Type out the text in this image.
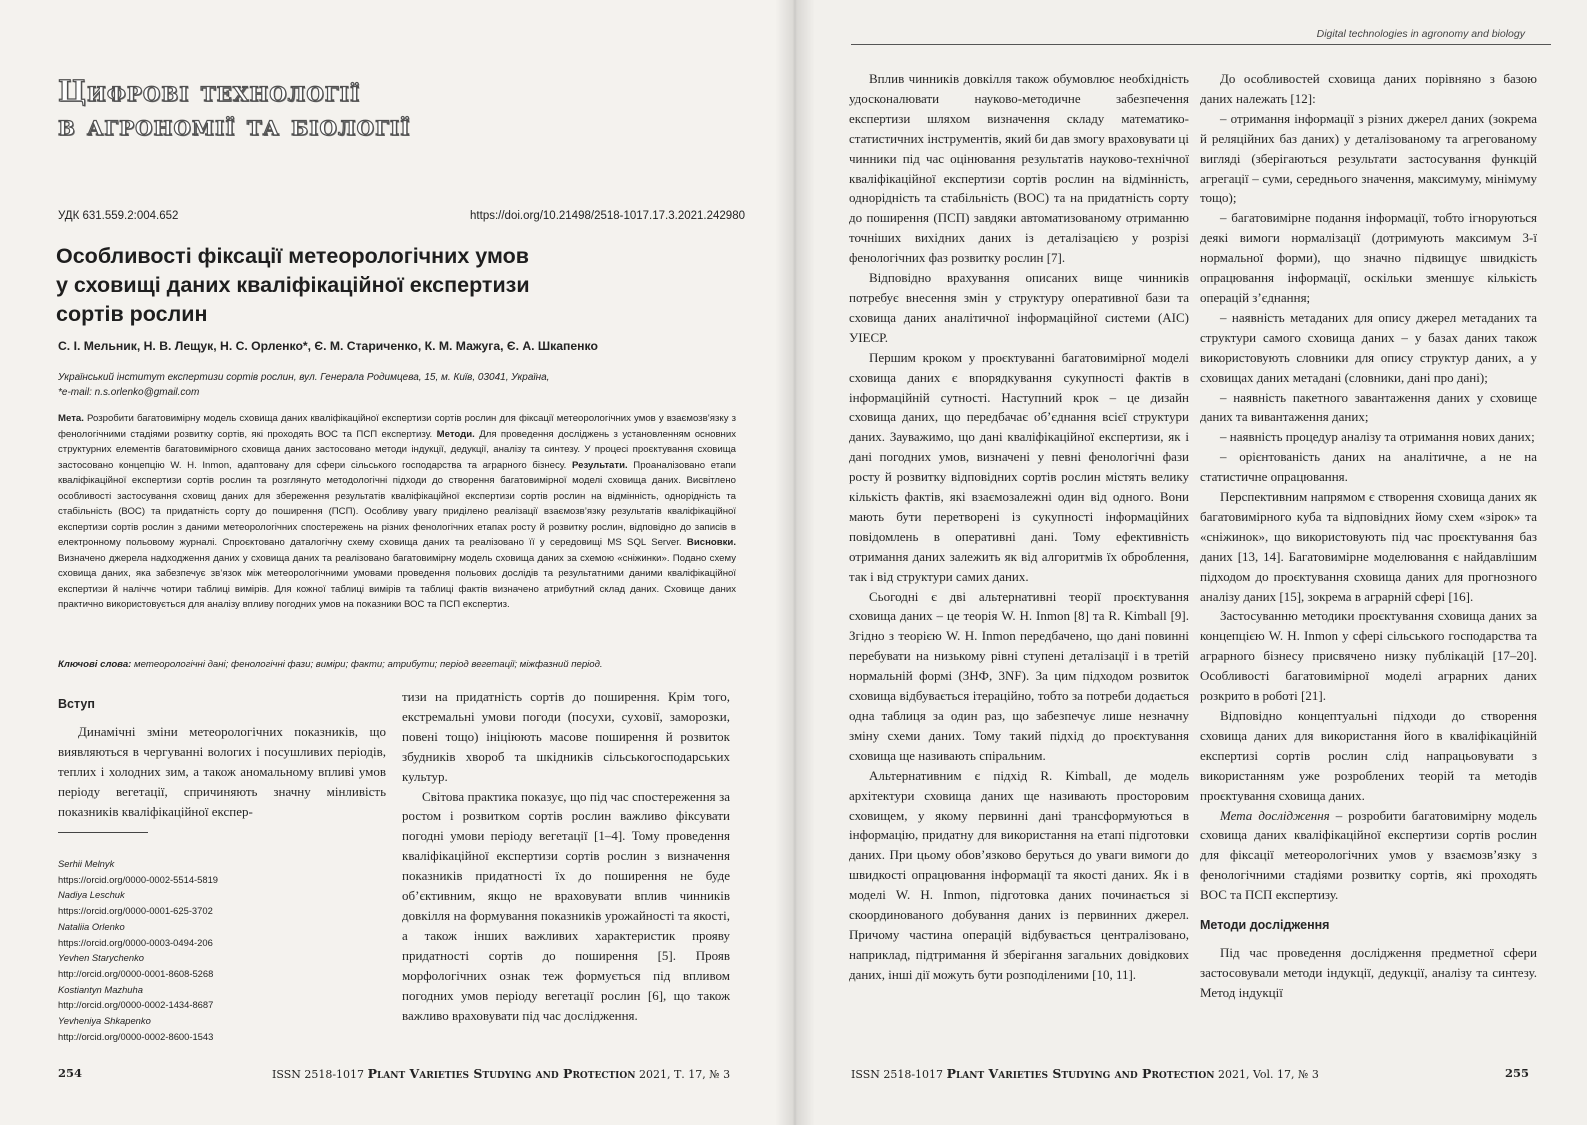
Цифрові технології
в агрономії та біології
УДК 631.559.2:004.652	https://doi.org/10.21498/2518-1017.17.3.2021.242980
Особливості фіксації метеорологічних умов
у сховищі даних кваліфікаційної експертизи
сортів рослин
С. І. Мельник, Н. В. Лещук, Н. С. Орленко*, Є. М. Стариченко, К. М. Мажуга, Є. А. Шкапенко
Український інститут експертизи сортів рослин, вул. Генерала Родимцева, 15, м. Київ, 03041, Україна,
*e-mail: n.s.orlenko@gmail.com
Мета. Розробити багатовимірну модель сховища даних кваліфікаційної експертизи сортів рослин для фіксації метеорологічних умов у взаємозв’язку з фенологічними стадіями розвитку сортів, які проходять ВОС та ПСП експертизу. Методи. Для проведення досліджень з установленням основних структурних елементів багатовимірного сховища даних застосовано методи індукції, дедукції, аналізу та синтезу. У процесі проєктування сховища застосовано концепцію W. H. Inmon, адаптовану для сфери сільського господарства та аграрного бізнесу. Результати. Проаналізовано етапи кваліфікаційної експертизи сортів рослин та розглянуто методологічні підходи до створення багатовимірної моделі сховища даних. Висвітлено особливості застосування сховищ даних для збереження результатів кваліфікаційної експертизи сортів рослин на відмінність, однорідність та стабільність (ВОС) та придатність сорту до поширення (ПСП). Особливу увагу приділено реалізації взаємозв’язку результатів кваліфікаційної експертизи сортів рослин з даними метеорологічних спостережень на різних фенологічних етапах росту й розвитку рослин, відповідно до записів в електронному польовому журналі. Спроєктовано даталогічну схему сховища даних та реалізовано її у середовищі MS SQL Server. Висновки. Визначено джерела надходження даних у сховища даних та реалізовано багатовимірну модель сховища даних за схемою «сніжинки». Подано схему сховища даних, яка забезпечує зв’язок між метеорологічними умовами проведення польових дослідів та результатними даними кваліфікаційної експертизи й наліччє чотири таблиці вимірів. Для кожної таблиці вимірів та таблиці фактів визначено атрибутний склад даних. Сховище даних практично використовується для аналізу впливу погодних умов на показники ВОС та ПСП експертиз.
Ключові слова: метеорологічні дані; фенологічні фази; виміри; факти; атрибути; період вегетації; міжфазний період.
Вступ

Динамічні зміни метеорологічних показників, що виявляються в чергуванні вологих і посушливих періодів, теплих і холодних зим, а також аномальному впливі умов періоду вегетації, спричиняють значну мінливість показників кваліфікаційної експер-

Serhii Melnyk
https://orcid.org/0000-0002-5514-5819
Nadiya Leschuk
https://orcid.org/0000-0001-625-3702
Nataliia Orlenko
https://orcid.org/0000-0003-0494-206
Yevhen Starychenko
http://orcid.org/0000-0001-8608-5268
Kostiantyn Mazhuha
http://orcid.org/0000-0002-1434-8687
Yevheniya Shkapenko
http://orcid.org/0000-0002-8600-1543

тизи на придатність сортів до поширення. Крім того, екстремальні умови погоди (посухи, суховії, заморозки, повені тощо) ініціюють масове поширення й розвиток збудників хвороб та шкідників сільськогосподарських культур.

Світова практика показує, що під час спостереження за ростом і розвитком сортів рослин важливо фіксувати погодні умови періоду вегетації [1–4]. Тому проведення кваліфікаційної експертизи сортів рослин з визначення показників придатності їх до поширення не буде об’єктивним, якщо не враховувати вплив чинників довкілля на формування показників урожайності та якості, а також інших важливих характеристик прояву придатності сортів до поширення [5]. Прояв морфологічних ознак теж формується під впливом погодних умов періоду вегетації рослин [6], що також важливо враховувати під час дослідження.

254	ISSN 2518-1017 Plant Varieties Studying and Protection 2021, Т. 17, № 3
Digital technologies in agronomy and biology

Вплив чинників довкілля також обумовлює необхідність удосконалювати науково-методичне забезпечення експертизи шляхом визначення складу математико-статистичних інструментів, який би дав змогу враховувати ці чинники під час оцінювання результатів науково-технічної кваліфікаційної експертизи сортів рослин на відмінність, однорідність та стабільність (ВОС) та на придатність сорту до поширення (ПСП) завдяки автоматизованому отриманню точніших вихідних даних із деталізацією у розрізі фенологічних фаз розвитку рослин [7].

Відповідно врахування описаних вище чинників потребує внесення змін у структуру оперативної бази та сховища даних аналітичної інформаційної системи (АІС) УІЕСР.

Першим кроком у проєктуванні багатовимірної моделі сховища даних є впорядкування сукупності фактів в інформаційній сутності. Наступний крок – це дизайн сховища даних, що передбачає об’єднання всієї структури даних. Зауважимо, що дані кваліфікаційної експертизи, як і дані погодних умов, визначені у певні фенологічні фази росту й розвитку відповідних сортів рослин містять велику кількість фактів, які взаємозалежні один від одного. Вони мають бути перетворені із сукупності інформаційних повідомлень в оперативні дані. Тому ефективність отримання даних залежить як від алгоритмів їх оброблення, так і від структури самих даних.

Сьогодні є дві альтернативні теорії проєктування сховища даних – це теорія W. H. Inmon [8] та R. Kimball [9]. Згідно з теорією W. H. Inmon передбачено, що дані повинні перебувати на низькому рівні ступені деталізації і в третій нормальній формі (3НФ, 3NF). За цим підходом розвиток сховища відбувається ітераційно, тобто за потреби додається одна таблиця за один раз, що забезпечує лише незначну зміну схеми даних. Тому такий підхід до проєктування сховища ще називають спіральним.

Альтернативним є підхід R. Kimball, де модель архітектури сховища даних ще називають просторовим сховищем, у якому первинні дані трансформуються в інформацію, придатну для використання на етапі підготовки даних. При цьому обов’язково беруться до уваги вимоги до швидкості опрацювання інформації та якості даних. Як і в моделі W. H. Inmon, підготовка даних починається зі скоординованого добування даних із первинних джерел. Причому частина операцій відбувається централізовано, наприклад, підтримання й зберігання загальних довідкових даних, інші дії можуть бути розподіленими [10, 11].

До особливостей сховища даних порівняно з базою даних належать [12]:

– отримання інформації з різних джерел даних (зокрема й реляційних баз даних) у деталізованому та агрегованому вигляді (зберігаються результати застосування функцій агрегації – суми, середнього значення, максимуму, мінімуму тощо);

– багатовимірне подання інформації, тобто ігноруються деякі вимоги нормалізації (дотримують максимум 3-ї нормальної форми), що значно підвищує швидкість опрацювання інформації, оскільки зменшує кількість операцій з’єднання;

– наявність метаданих для опису джерел метаданих та структури самого сховища даних – у базах даних також використовують словники для опису структур даних, а у сховищах даних метадані (словники, дані про дані);

– наявність пакетного завантаження даних у сховище даних та вивантаження даних;

– наявність процедур аналізу та отримання нових даних;

– орієнтованість даних на аналітичне, а не на статистичне опрацювання.

Перспективним напрямом є створення сховища даних як багатовимірного куба та відповідних йому схем «зірок» та «сніжинок», що використовують під час проєктування баз даних [13, 14]. Багатовимірне моделювання є найдавлішим підходом до проєктування сховища даних для прогнозного аналізу даних [15], зокрема в аграрній сфері [16].

Застосуванню методики проєктування сховища даних за концепцією W. H. Inmon у сфері сільського господарства та аграрного бізнесу присвячено низку публікацій [17–20]. Особливості багатовимірної моделі аграрних даних розкрито в роботі [21].

Відповідно концептуальні підходи до створення сховища даних для використання його в кваліфікаційній експертизі сортів рослин слід напрацьовувати з використанням уже розроблених теорій та методів проєктування сховища даних.

Мета дослідження – розробити багатовимірну модель сховища даних кваліфікаційної експертизи сортів рослин для фіксації метеорологічних умов у взаємозв’язку з фенологічними стадіями розвитку сортів, які проходять ВОС та ПСП експертизу.

Методи дослідження

Під час проведення дослідження предметної сфери застосовували методи індукції, дедукції, аналізу та синтезу. Метод індукції

ISSN 2518-1017 Plant Varieties Studying and Protection 2021, Vol. 17, № 3	255
